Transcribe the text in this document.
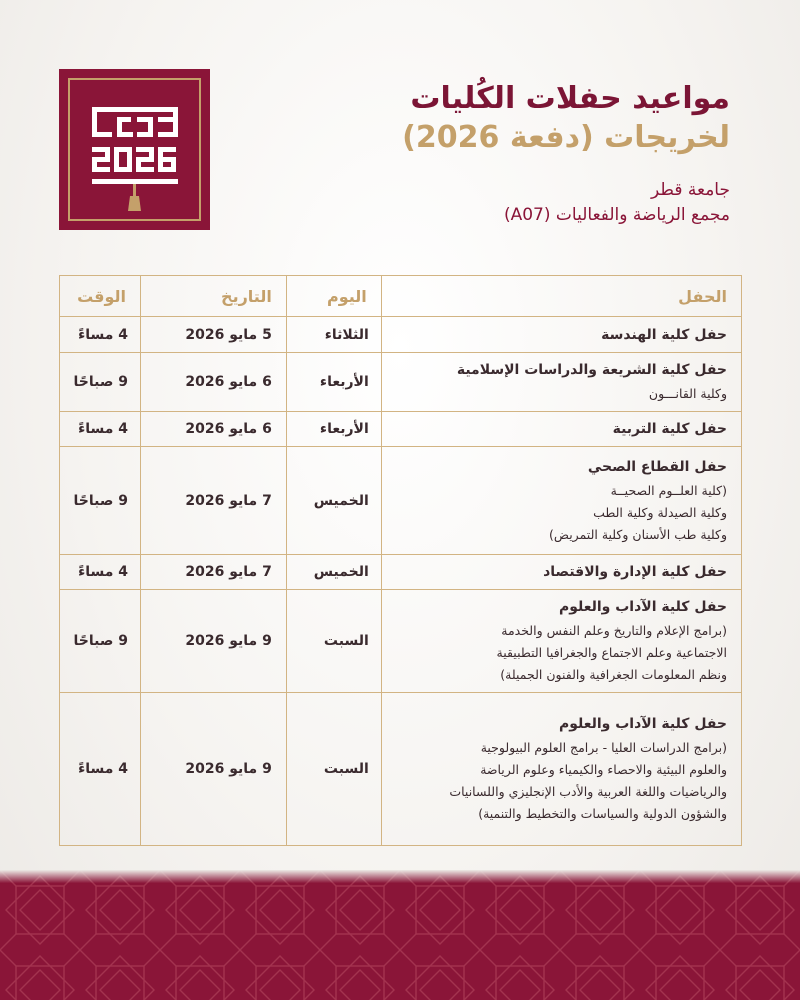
مواعيد حفلات الكُليات
لخريجات (دفعة 2026)
جامعة قطر
مجمع الرياضة والفعاليات (A07)
الحفل	اليوم	التاريخ	الوقت

حفل كلية الهندسة	الثلاثاء	5 مايو 2026	4 مساءً

حفل كلية الشريعة والدراسات الإسلامية
وكلية القانـــون	الأربعاء	6 مايو 2026	9 صباحًا

حفل كلية التربية	الأربعاء	6 مايو 2026	4 مساءً

حفل القطاع الصحي
(كلية العلــوم الصحيــة
وكلية الصيدلة وكلية الطب
وكلية طب الأسنان وكلية التمريض)	الخميس	7 مايو 2026	9 صباحًا

حفل كلية الإدارة والاقتصاد	الخميس	7 مايو 2026	4 مساءً

حفل كلية الآداب والعلوم
(برامج الإعلام والتاريخ وعلم النفس والخدمة
الاجتماعية وعلم الاجتماع والجغرافيا التطبيقية
ونظم المعلومات الجغرافية والفنون الجميلة)	السبت	9 مايو 2026	9 صباحًا

حفل كلية الآداب والعلوم
(برامج الدراسات العليا - برامج العلوم البيولوجية
والعلوم البيئية والاحصاء والكيمياء وعلوم الرياضة
والرياضيات واللغة العربية والأدب الإنجليزي واللسانيات
والشؤون الدولية والسياسات والتخطيط والتنمية)	السبت	9 مايو 2026	4 مساءً
